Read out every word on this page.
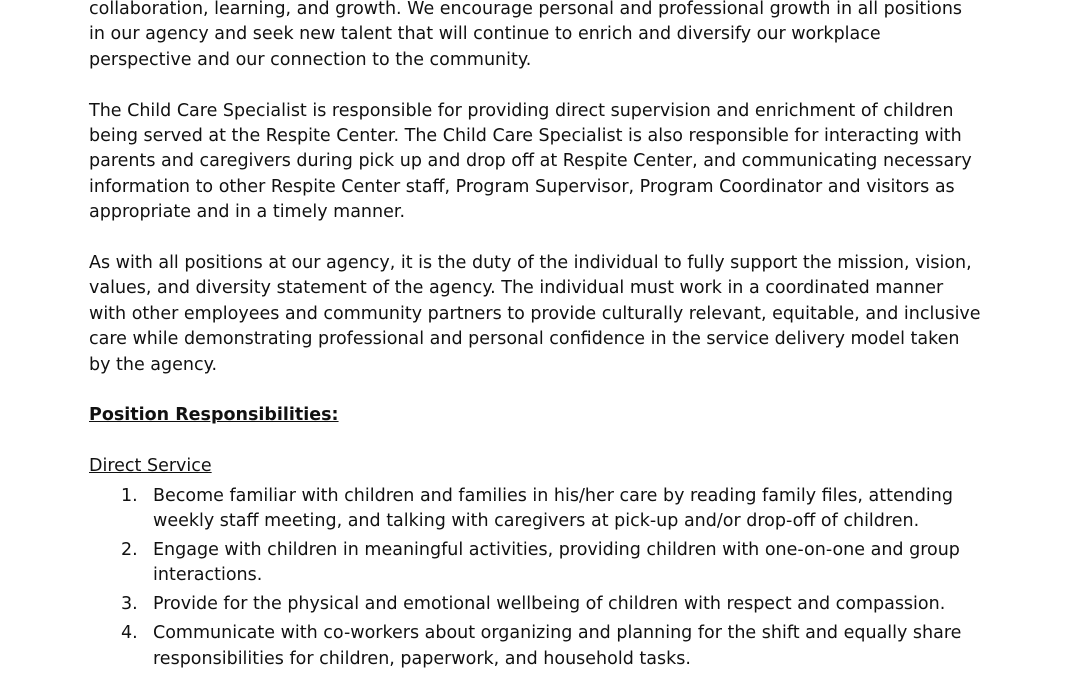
collaboration, learning, and growth. We encourage personal and professional growth in all positions
in our agency and seek new talent that will continue to enrich and diversify our workplace
perspective and our connection to the community.

The Child Care Specialist is responsible for providing direct supervision and enrichment of children
being served at the Respite Center. The Child Care Specialist is also responsible for interacting with
parents and caregivers during pick up and drop off at Respite Center, and communicating necessary
information to other Respite Center staff, Program Supervisor, Program Coordinator and visitors as
appropriate and in a timely manner.

As with all positions at our agency, it is the duty of the individual to fully support the mission, vision,
values, and diversity statement of the agency. The individual must work in a coordinated manner
with other employees and community partners to provide culturally relevant, equitable, and inclusive
care while demonstrating professional and personal confidence in the service delivery model taken
by the agency.

Position Responsibilities:

Direct Service

1. Become familiar with children and families in his/her care by reading family files, attending
weekly staff meeting, and talking with caregivers at pick-up and/or drop-off of children.
2. Engage with children in meaningful activities, providing children with one-on-one and group
interactions.
3. Provide for the physical and emotional wellbeing of children with respect and compassion.
4. Communicate with co-workers about organizing and planning for the shift and equally share
responsibilities for children, paperwork, and household tasks.
